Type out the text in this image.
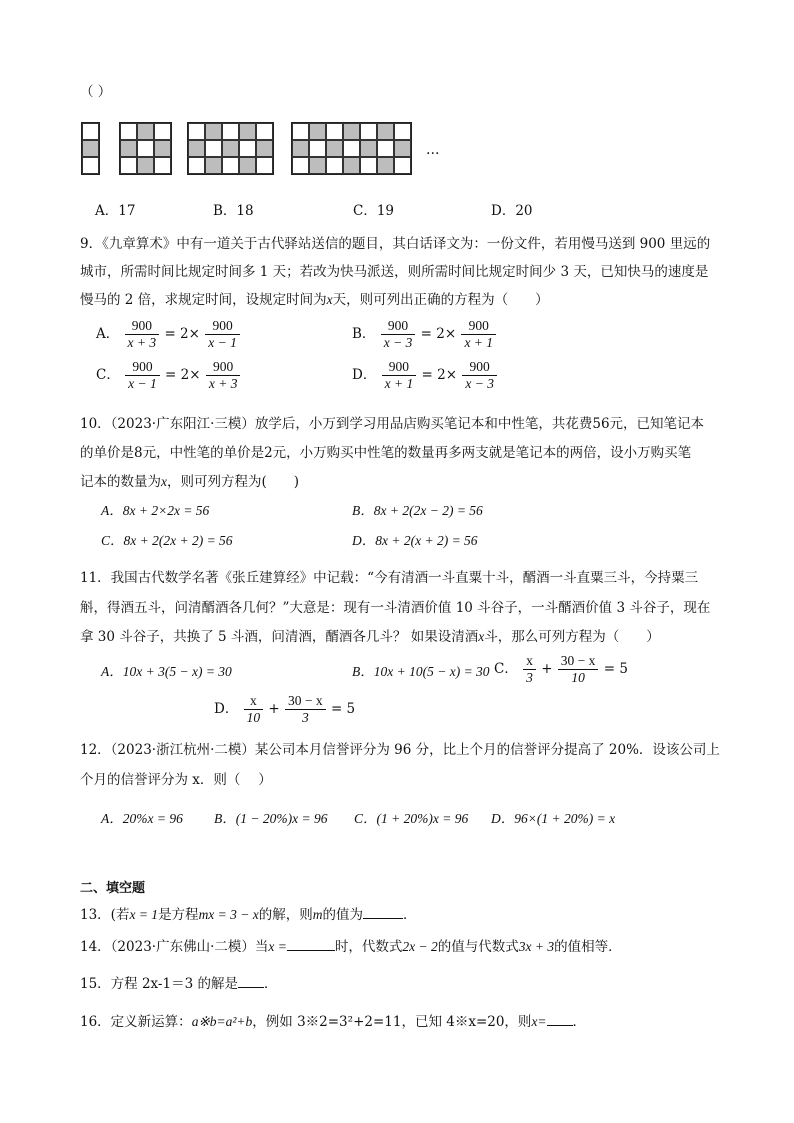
（ ）
…
A．17	B．18	C．19	D．20
9．《九章算术》中有一道关于古代驿站送信的题目，其白话译文为：一份文件，若用慢马送到 900 里远的
城市，所需时间比规定时间多 1 天；若改为快马派送，则所需时间比规定时间少 3 天，已知快马的速度是
慢马的 2 倍，求规定时间，设规定时间为x天，则可列出正确的方程为（　　）
A． $\frac{900}{x + 3} = 2\times \frac{900}{x - 1}$	B． $\frac{900}{x - 3} = 2\times \frac{900}{x + 1}$
C． $\frac{900}{x - 1} = 2\times \frac{900}{x + 3}$	D． $\frac{900}{x + 1} = 2\times \frac{900}{x - 3}$
10．（2023·广东阳江·三模）放学后，小万到学习用品店购买笔记本和中性笔，共花费56元，已知笔记本
的单价是8元，中性笔的单价是2元，小万购买中性笔的数量再多两支就是笔记本的两倍，设小万购买笔
记本的数量为x，则可列方程为(　　)
A．8x + 2×2x = 56	B．8x + 2(2x − 2) = 56
C．8x + 2(2x + 2) = 56	D．8x + 2(x + 2) = 56
11．我国古代数学名著《张丘建算经》中记载：“今有清酒一斗直粟十斗，醑酒一斗直粟三斗，今持粟三
斛，得酒五斗，问清醑酒各几何？”大意是：现有一斗清酒价值 10 斗谷子，一斗醑酒价值 3 斗谷子，现在
拿 30 斗谷子，共换了 5 斗酒，问清酒，醑酒各几斗？ 如果设清酒x斗，那么可列方程为（　　）
A．10x + 3(5 − x) = 30	B．10x + 10(5 − x) = 30 C． $\frac{x}{3} + \frac{30 - x}{10} = 5$
D． $\frac{x}{10} + \frac{30 - x}{3} = 5$
12．（2023·浙江杭州·二模）某公司本月信誉评分为 96 分，比上个月的信誉评分提高了 20%．设该公司上
个月的信誉评分为 x．则（　 ）
A．20%x = 96 B．(1 − 20%)x = 96 C．(1 + 20%)x = 96 D．96×(1 + 20%) = x
二、填空题
13．(若x = 1是方程mx = 3 − x的解，则m的值为	．
14．（2023·广东佛山·二模）当x =	时，代数式2x − 2的值与代数式3x + 3的值相等．
15．方程 2x-1＝3 的解是 ．
16．定义新运算：a※b=a²+b，例如 3※2=3²+2=11，已知 4※x=20，则x= ．
